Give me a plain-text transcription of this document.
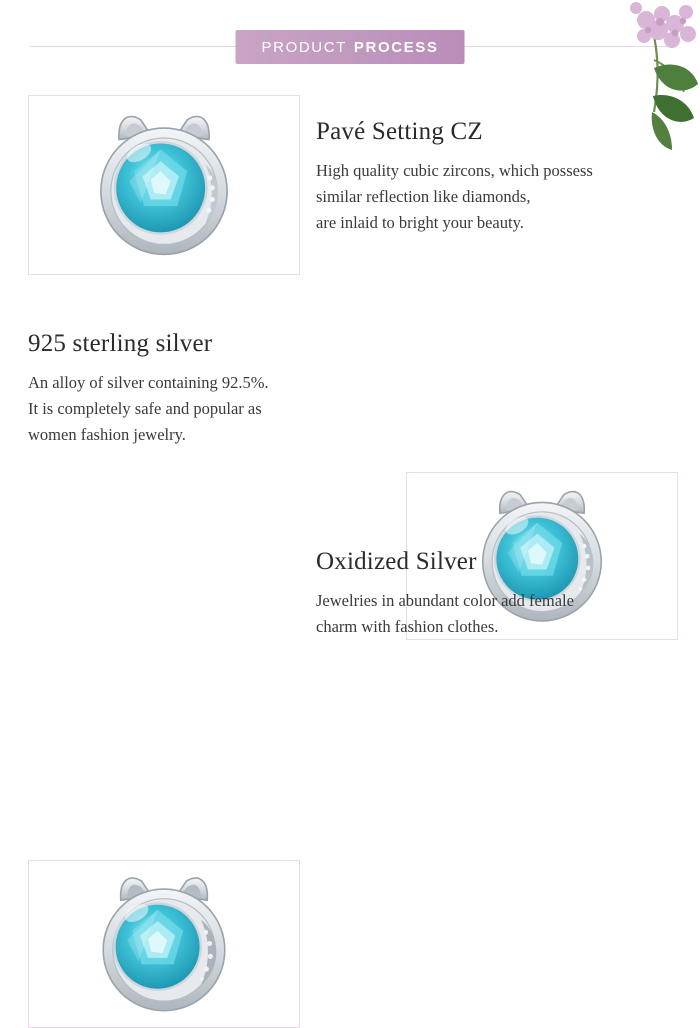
PRODUCT PROCESS
Pavé Setting CZ

High quality cubic zircons, which possess

similar reflection like diamonds,

are inlaid to bright your beauty.

925 sterling silver

An alloy of silver containing 92.5%.

It is completely safe and popular as

women fashion jewelry.

Oxidized Silver

Jewelries in abundant color add female

charm with fashion clothes.
